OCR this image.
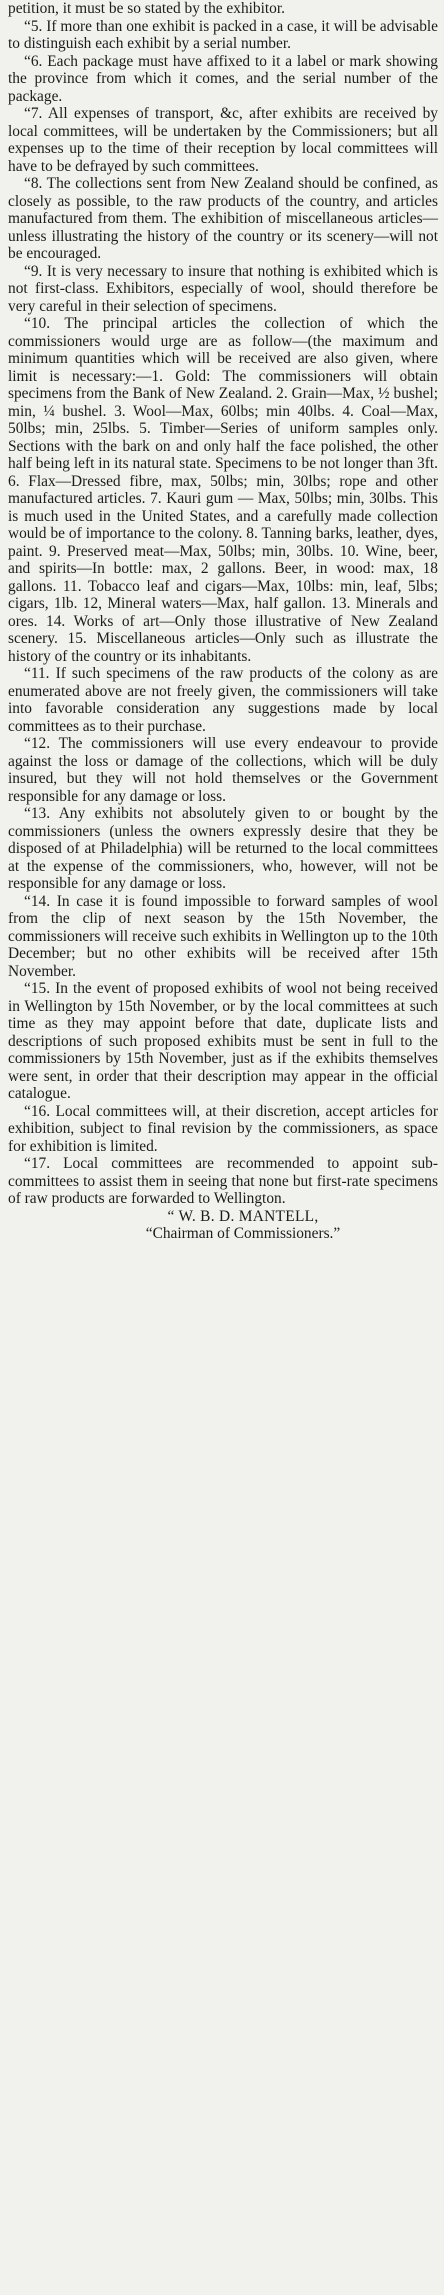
petition, it must be so stated by the exhibitor.

“5. If more than one exhibit is packed in a case, it will be advisable to distinguish each exhibit by a serial number.

“6. Each package must have affixed to it a label or mark showing the province from which it comes, and the serial number of the package.

“7. All expenses of transport, &c, after exhibits are received by local committees, will be undertaken by the Commissioners; but all expenses up to the time of their reception by local committees will have to be defrayed by such committees.

“8. The collections sent from New Zealand should be confined, as closely as possible, to the raw products of the country, and articles manufactured from them. The exhibition of miscellaneous articles—unless illustrating the history of the country or its scenery—will not be encouraged.

“9. It is very necessary to insure that nothing is exhibited which is not first-class. Exhibitors, especially of wool, should therefore be very careful in their selection of specimens.

“10. The principal articles the collection of which the commissioners would urge are as follow—(the maximum and minimum quantities which will be received are also given, where limit is necessary:—1. Gold: The commissioners will obtain specimens from the Bank of New Zealand. 2. Grain—Max, ½ bushel; min, ¼ bushel. 3. Wool—Max, 60lbs; min 40lbs. 4. Coal—Max, 50lbs; min, 25lbs. 5. Timber—Series of uniform samples only. Sections with the bark on and only half the face polished, the other half being left in its natural state. Specimens to be not longer than 3ft. 6. Flax—Dressed fibre, max, 50lbs; min, 30lbs; rope and other manufactured articles. 7. Kauri gum — Max, 50lbs; min, 30lbs. This is much used in the United States, and a carefully made collection would be of importance to the colony. 8. Tanning barks, leather, dyes, paint. 9. Preserved meat—Max, 50lbs; min, 30lbs. 10. Wine, beer, and spirits—In bottle: max, 2 gallons. Beer, in wood: max, 18 gallons. 11. Tobacco leaf and cigars—Max, 10lbs: min, leaf, 5lbs; cigars, 1lb. 12, Mineral waters—Max, half gallon. 13. Minerals and ores. 14. Works of art—Only those illustrative of New Zealand scenery. 15. Miscellaneous articles—Only such as illustrate the history of the country or its inhabitants.

“11. If such specimens of the raw products of the colony as are enumerated above are not freely given, the commissioners will take into favorable consideration any suggestions made by local committees as to their purchase.

“12. The commissioners will use every endeavour to provide against the loss or damage of the collections, which will be duly insured, but they will not hold themselves or the Government responsible for any damage or loss.

“13. Any exhibits not absolutely given to or bought by the commissioners (unless the owners expressly desire that they be disposed of at Philadelphia) will be returned to the local committees at the expense of the commissioners, who, however, will not be responsible for any damage or loss.

“14. In case it is found impossible to forward samples of wool from the clip of next season by the 15th November, the commissioners will receive such exhibits in Wellington up to the 10th December; but no other exhibits will be received after 15th November.

“15. In the event of proposed exhibits of wool not being received in Wellington by 15th November, or by the local committees at such time as they may appoint before that date, duplicate lists and descriptions of such proposed exhibits must be sent in full to the commissioners by 15th November, just as if the exhibits themselves were sent, in order that their description may appear in the official catalogue.

“16. Local committees will, at their discretion, accept articles for exhibition, subject to final revision by the commissioners, as space for exhibition is limited.

“17. Local committees are recommended to appoint sub-committees to assist them in seeing that none but first-rate specimens of raw products are forwarded to Wellington.

“ W. B. D. MANTELL,

“Chairman of Commissioners.”
